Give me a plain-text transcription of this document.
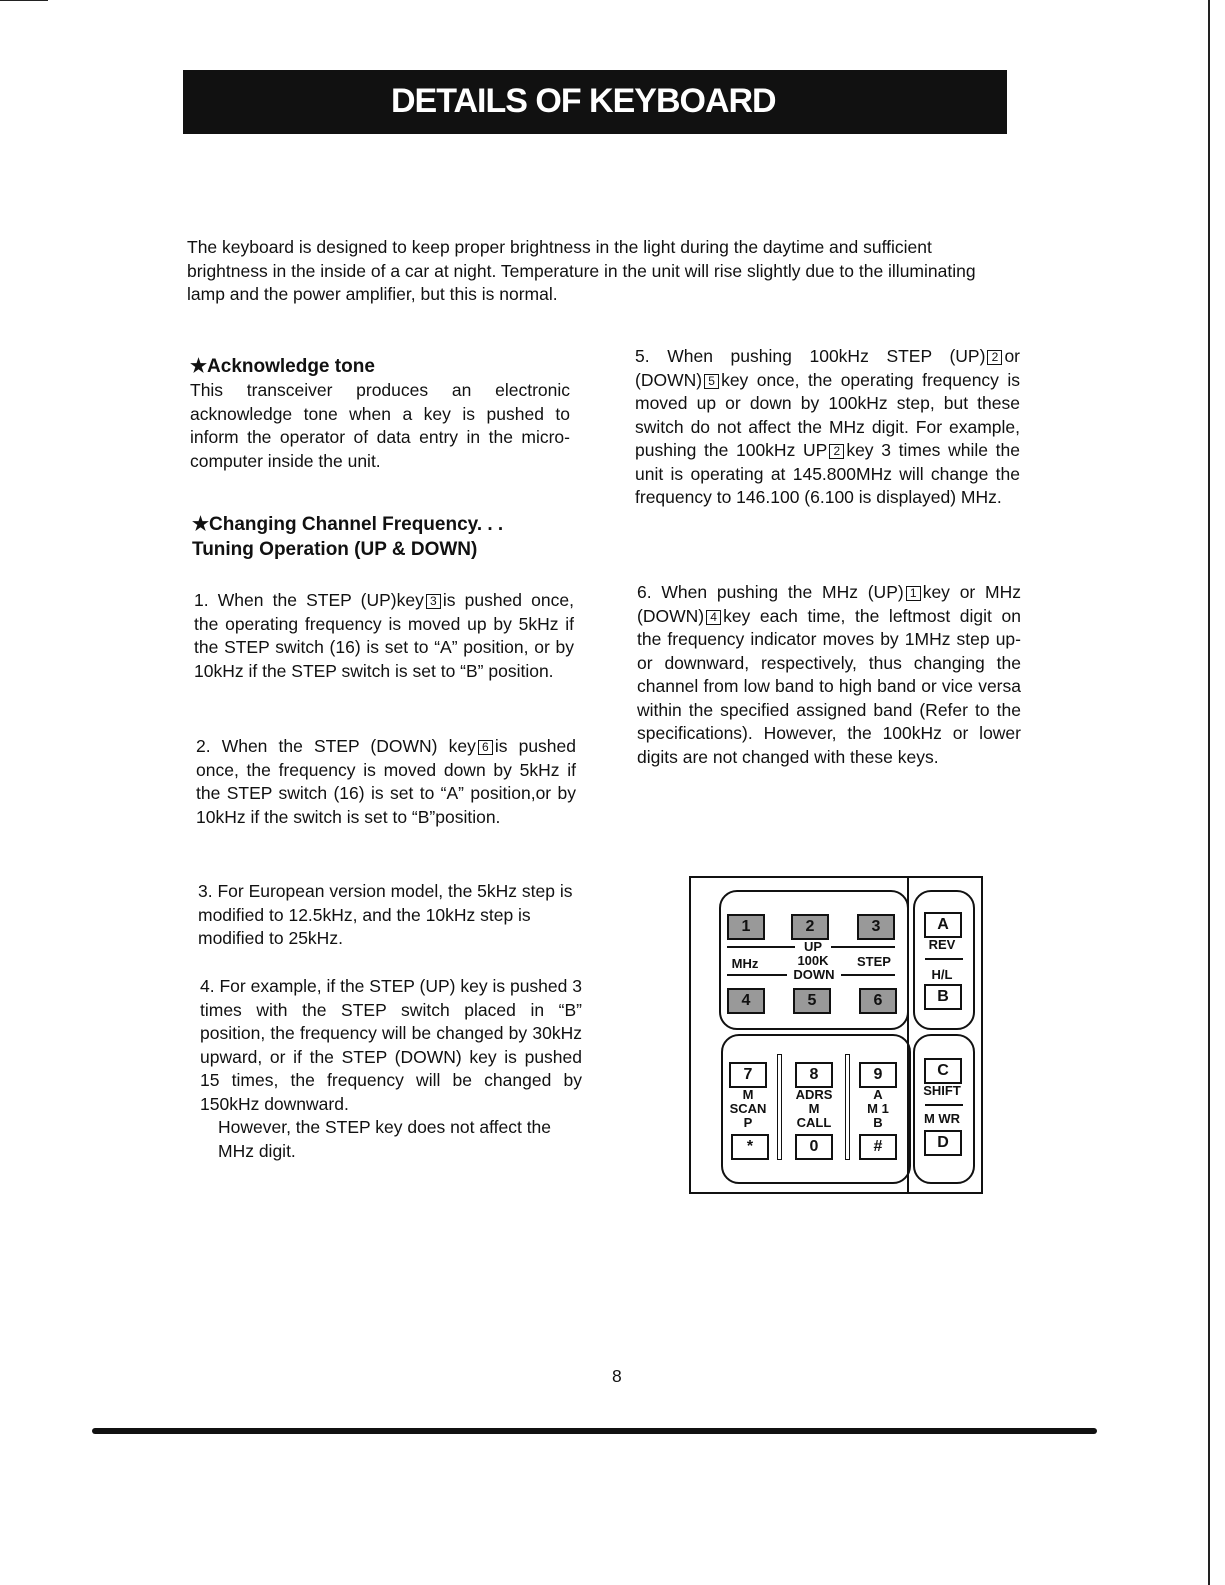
DETAILS OF KEYBOARD
The keyboard is designed to keep proper brightness in the light during the daytime and sufficient brightness in the inside of a car at night. Temperature in the unit will rise slightly due to the illuminating lamp and the power amplifier, but this is normal.
★Acknowledge tone
This transceiver produces an electronic acknowledge tone when a key is pushed to inform the operator of data entry in the micro-computer inside the unit.
★Changing Channel Frequency. . .
Tuning Operation (UP & DOWN)
1. When the STEP (UP)key 3 is pushed once, the operating frequency is moved up by 5kHz if the STEP switch (16) is set to “A” position, or by 10kHz if the STEP switch is set to “B” position.
2. When the STEP (DOWN) key 6 is pushed once, the frequency is moved down by 5kHz if the STEP switch (16) is set to “A” position,or by 10kHz if the switch is set to “B”position.
3. For European version model, the 5kHz step is modified to 12.5kHz, and the 10kHz step is modified to 25kHz.
4. For example, if the STEP (UP) key is pushed 3 times with the STEP switch placed in “B” position, the frequency will be changed by 30kHz upward, or if the STEP (DOWN) key is pushed 15 times, the frequency will be changed by 150kHz downward.
However, the STEP key does not affect the MHz digit.
5. When pushing 100kHz STEP (UP) 2 or (DOWN) 5 key once, the operating frequency is moved up or down by 100kHz step, but these switch do not affect the MHz digit. For example, pushing the 100kHz UP 2 key 3 times while the unit is operating at 145.800MHz will change the frequency to 146.100 (6.100 is displayed) MHz.
6. When pushing the MHz (UP) 1 key or MHz (DOWN) 4 key each time, the leftmost digit on the frequency indicator moves by 1MHz step up- or downward, respectively, thus changing the channel from low band to high band or vice versa within the specified assigned band (Refer to the specifications). However, the 100kHz or lower digits are not changed with these keys.
1	2	3
UP
100K
DOWN
MHz	STEP
4	5	6
7	8	9
M
SCAN
P
ADRS
M
CALL
A
M 1
B
*	0	#
A
REV
H/L
B
C
SHIFT
M WR
D
8
